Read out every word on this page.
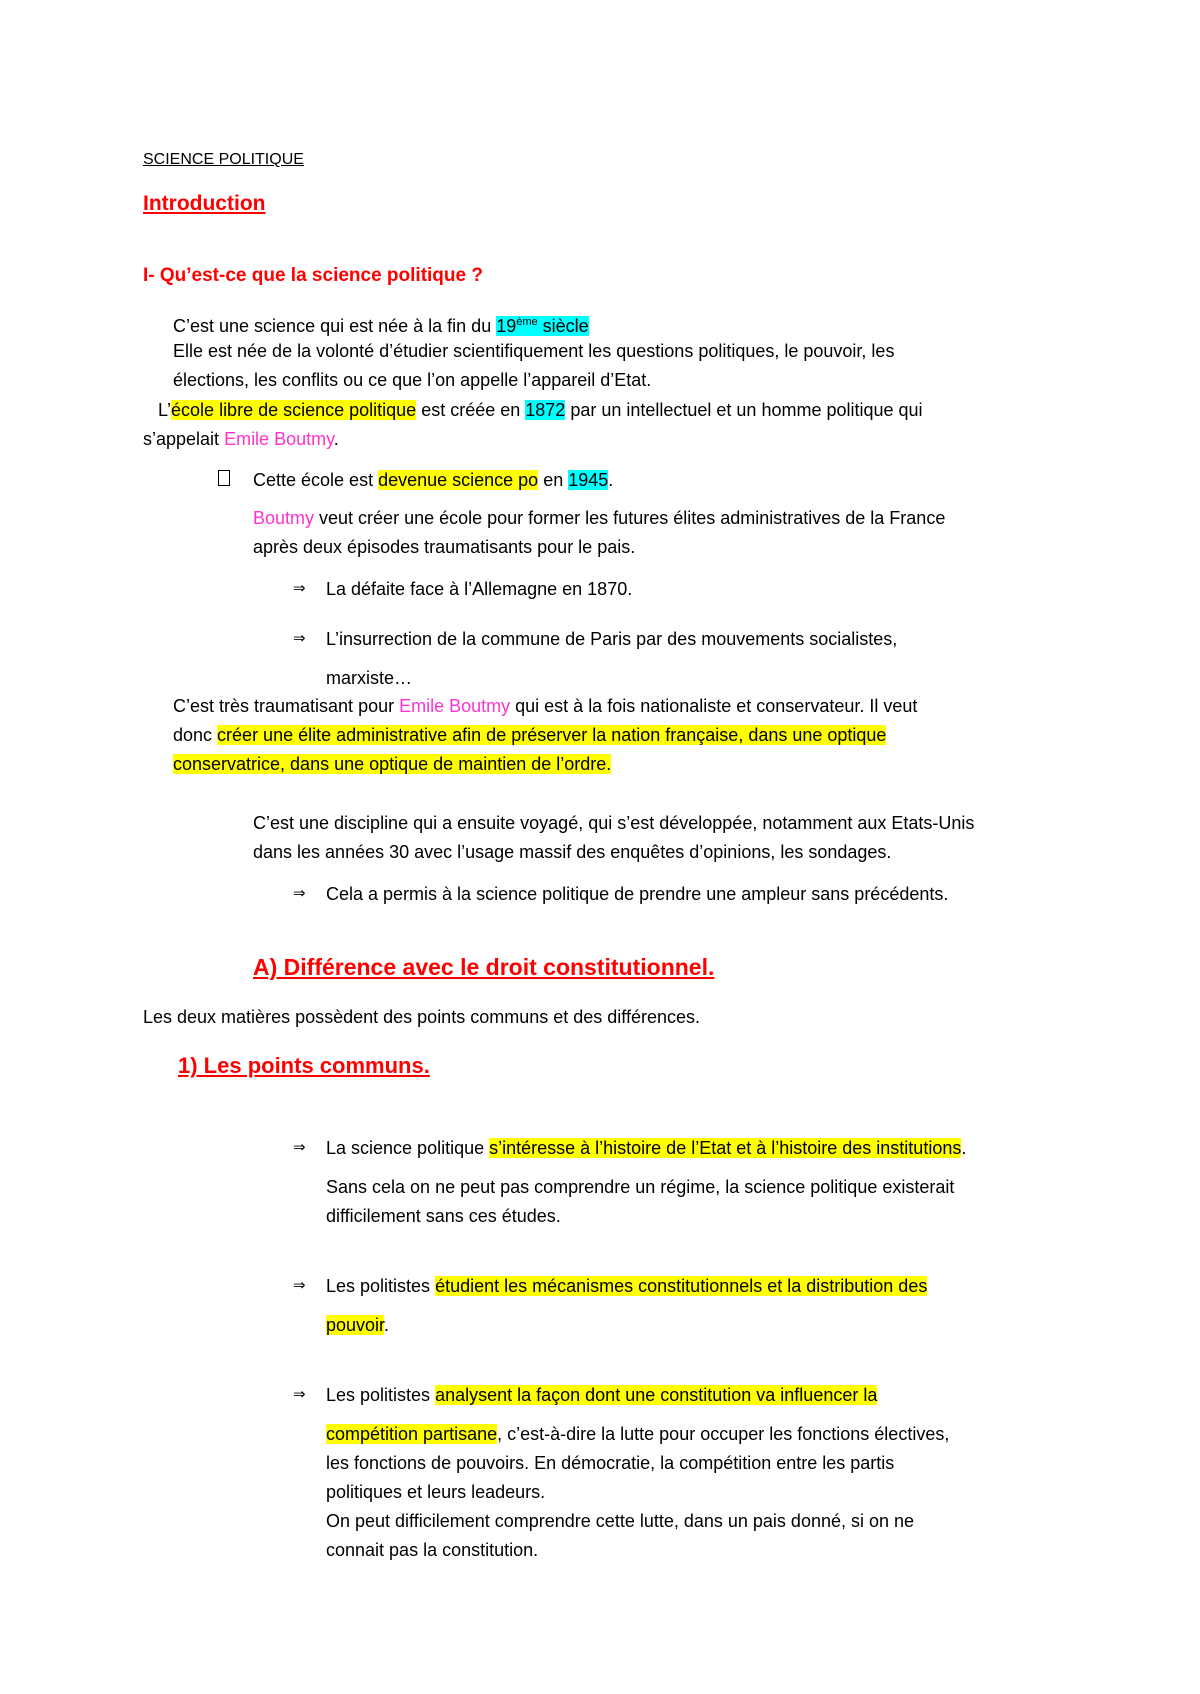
SCIENCE POLITIQUE
Introduction
I- Qu’est-ce que la science politique ?
C’est une science qui est née à la fin du 19ème siècle
Elle est née de la volonté d’étudier scientifiquement les questions politiques, le pouvoir, les
élections, les conflits ou ce que l’on appelle l’appareil d’Etat.
L’école libre de science politique est créée en 1872 par un intellectuel et un homme politique qui
s’appelait Emile Boutmy.
Cette école est devenue science po en 1945.
Boutmy veut créer une école pour former les futures élites administratives de la France
après deux épisodes traumatisants pour le pais.
⇒ La défaite face à l’Allemagne en 1870.
⇒ L’insurrection de la commune de Paris par des mouvements socialistes,
marxiste…
C’est très traumatisant pour Emile Boutmy qui est à la fois nationaliste et conservateur. Il veut
donc créer une élite administrative afin de préserver la nation française, dans une optique
conservatrice, dans une optique de maintien de l’ordre.
C’est une discipline qui a ensuite voyagé, qui s’est développée, notamment aux Etats-Unis
dans les années 30 avec l’usage massif des enquêtes d’opinions, les sondages.
⇒ Cela a permis à la science politique de prendre une ampleur sans précédents.
A) Différence avec le droit constitutionnel.
Les deux matières possèdent des points communs et des différences.
1) Les points communs.
⇒ La science politique s’intéresse à l’histoire de l’Etat et à l’histoire des institutions.
Sans cela on ne peut pas comprendre un régime, la science politique existerait
difficilement sans ces études.
⇒ Les politistes étudient les mécanismes constitutionnels et la distribution des
pouvoir.
⇒ Les politistes analysent la façon dont une constitution va influencer la
compétition partisane, c’est-à-dire la lutte pour occuper les fonctions électives,
les fonctions de pouvoirs. En démocratie, la compétition entre les partis
politiques et leurs leadeurs.
On peut difficilement comprendre cette lutte, dans un pais donné, si on ne
connait pas la constitution.
